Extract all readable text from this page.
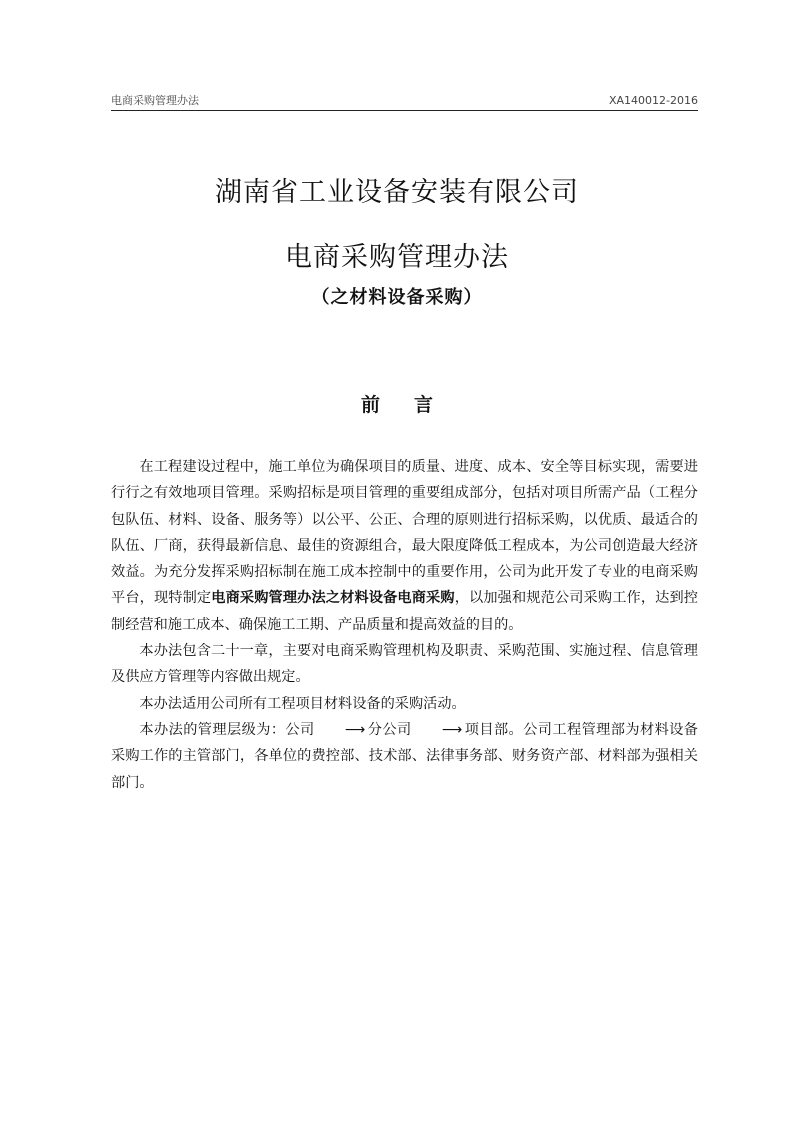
电商采购管理办法	XA140012-2016
湖南省工业设备安装有限公司
电商采购管理办法
（之材料设备采购）
前 言

在工程建设过程中，施工单位为确保项目的质量、进度、成本、安全等目标实现，需要进行行之有效地项目管理。采购招标是项目管理的重要组成部分，包括对项目所需产品（工程分包队伍、材料、设备、服务等）以公平、公正、合理的原则进行招标采购，以优质、最适合的队伍、厂商，获得最新信息、最佳的资源组合，最大限度降低工程成本，为公司创造最大经济效益。为充分发挥采购招标制在施工成本控制中的重要作用，公司为此开发了专业的电商采购平台，现特制定电商采购管理办法之材料设备电商采购，以加强和规范公司采购工作，达到控制经营和施工成本、确保施工工期、产品质量和提高效益的目的。

本办法包含二十一章，主要对电商采购管理机构及职责、采购范围、实施过程、信息管理及供应方管理等内容做出规定。

本办法适用公司所有工程项目材料设备的采购活动。

本办法的管理层级为：公司 ⟶ 分公司 ⟶ 项目部。公司工程管理部为材料设备采购工作的主管部门，各单位的费控部、技术部、法律事务部、财务资产部、材料部为强相关部门。
